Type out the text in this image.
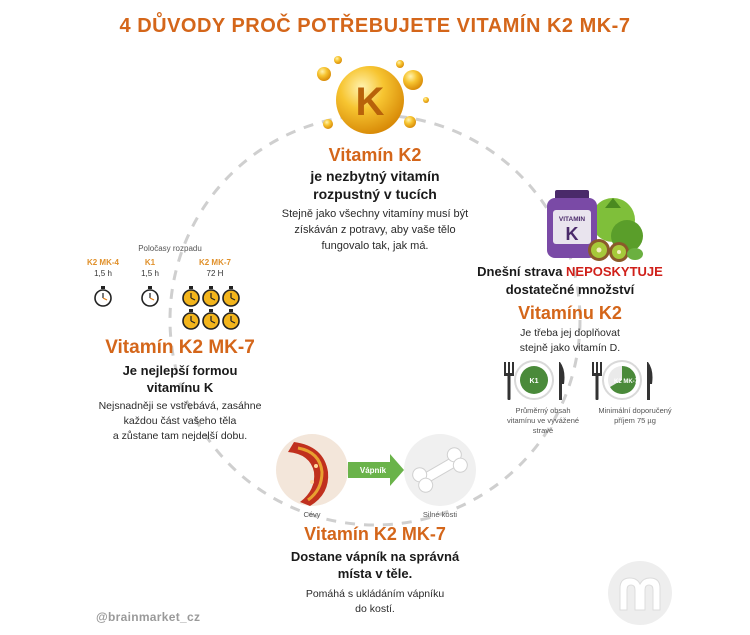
4 DŮVODY PROČ POTŘEBUJETE VITAMÍN K2 MK-7
K
Vitamín K2
je nezbytný vitamín
rozpustný v tucích
Stejně jako všechny vitamíny musí být
získáván z potravy, aby vaše tělo
fungovalo tak, jak má.
Poločasy rozpadu
K2 MK-4
1,5 h
K1
1,5 h
K2 MK-7
72 H
Vitamín K2 MK-7
Je nejlepší formou
vitamínu K
Nejsnadněji se vstřebává, zasáhne
každou část vašeho těla
a zůstane tam nejdelší dobu.
VITAMIN
K
Dnešní strava NEPOSKYTUJE
dostatečné množství
Vitamínu K2
Je třeba jej doplňovat
stejně jako vitamín D.
K1	K2 MK-7
Průměrný obsah
vitamínu ve vyvážené
stravě
Minimální doporučený
příjem 75 µg
Vápník
Cévy	Silné kosti
Vitamín K2 MK-7
Dostane vápník na správná
místa v těle.
Pomáhá s ukládáním vápníku
do kostí.
@brainmarket_cz
